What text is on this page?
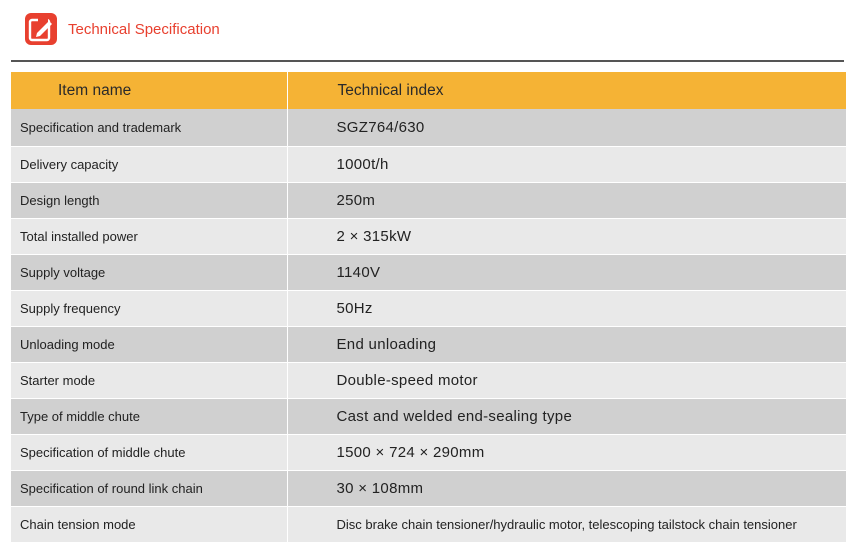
Technical Specification
Item name	Technical index
Specification and trademark	SGZ764/630
Delivery capacity	1000t/h
Design length	250m
Total installed power	2 × 315kW
Supply voltage	1140V
Supply frequency	50Hz
Unloading mode	End unloading
Starter mode	Double-speed motor
Type of middle chute	Cast and welded end-sealing type
Specification of middle chute	1500 × 724 × 290mm
Specification of round link chain	30 × 108mm
Chain tension mode	Disc brake chain tensioner/hydraulic motor, telescoping tailstock chain tensioner
